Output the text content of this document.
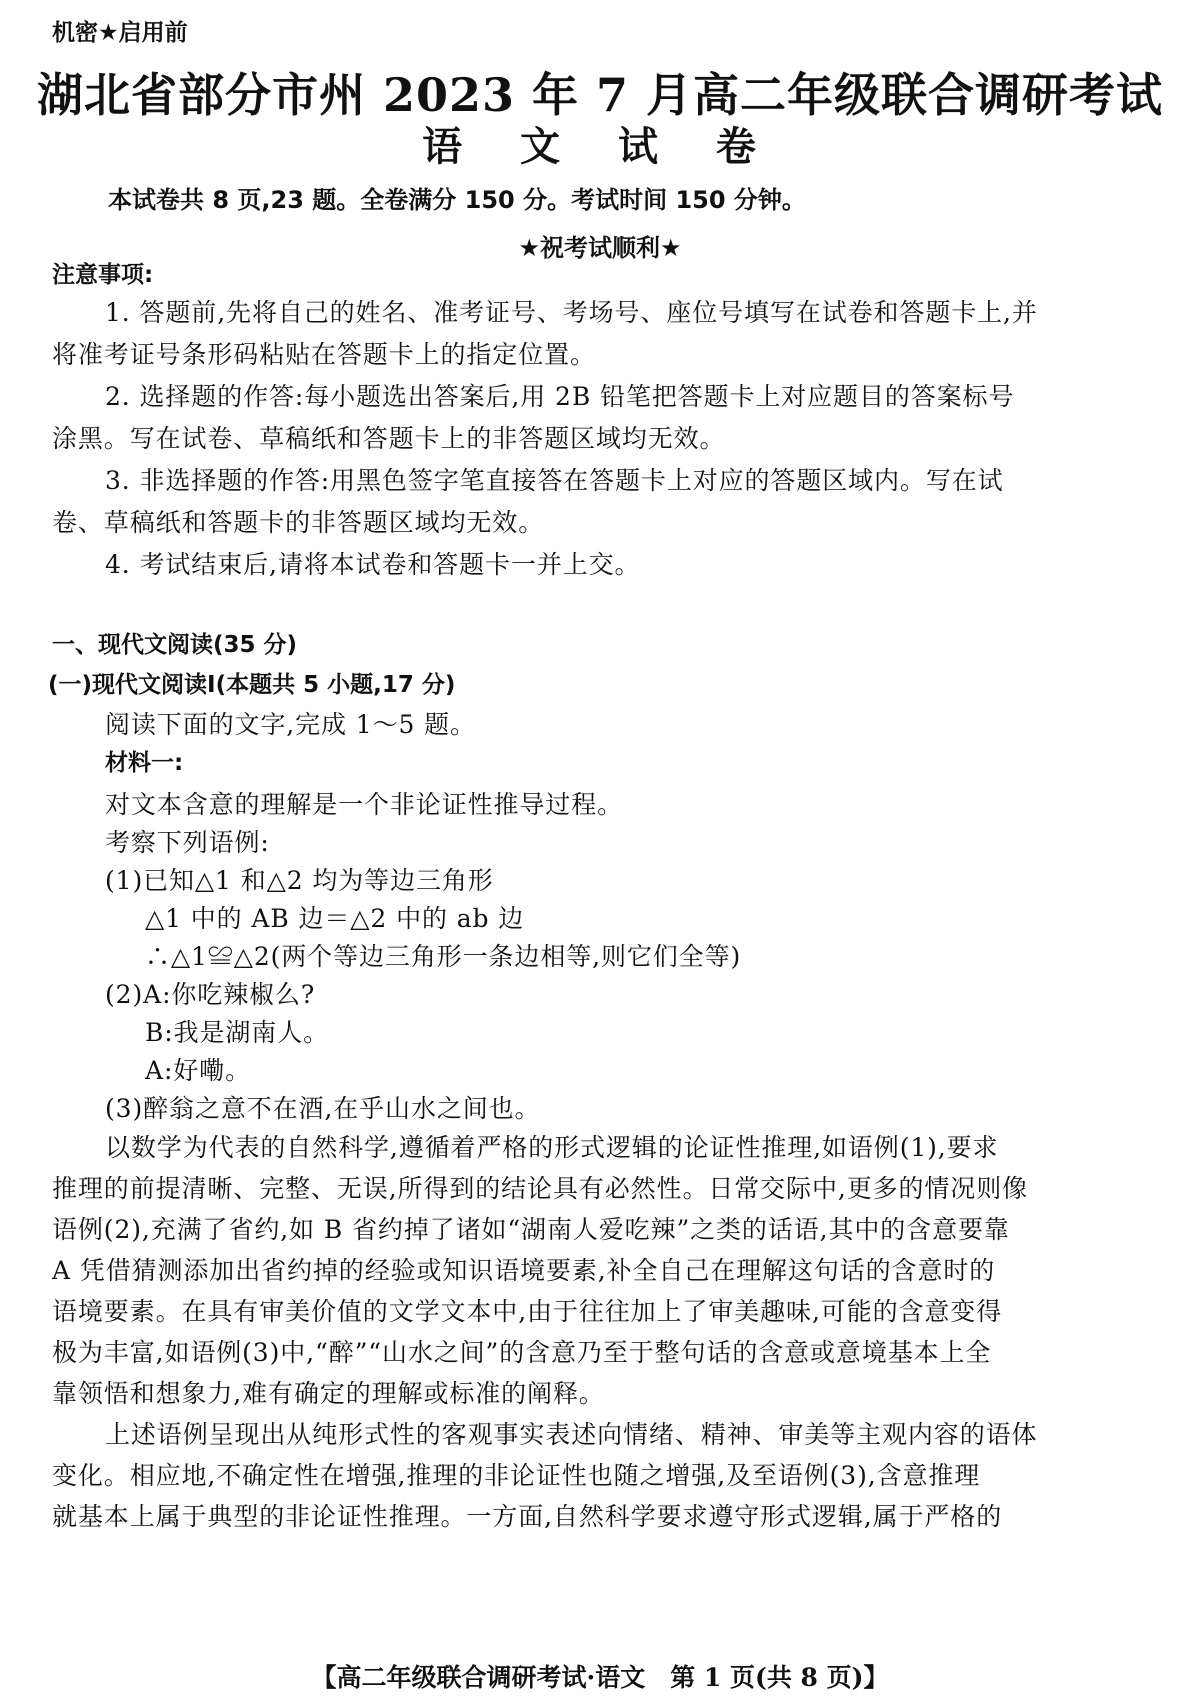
机密★启用前
湖北省部分市州 2023 年 7 月高二年级联合调研考试
语 文 试 卷
本试卷共 8 页,23 题。全卷满分 150 分。考试时间 150 分钟。
★祝考试顺利★
注意事项:
1. 答题前,先将自己的姓名、准考证号、考场号、座位号填写在试卷和答题卡上,并
将准考证号条形码粘贴在答题卡上的指定位置。
2. 选择题的作答:每小题选出答案后,用 2B 铅笔把答题卡上对应题目的答案标号
涂黑。写在试卷、草稿纸和答题卡上的非答题区域均无效。
3. 非选择题的作答:用黑色签字笔直接答在答题卡上对应的答题区域内。写在试
卷、草稿纸和答题卡的非答题区域均无效。
4. 考试结束后,请将本试卷和答题卡一并上交。
一、现代文阅读(35 分)
(一)现代文阅读Ⅰ(本题共 5 小题,17 分)
阅读下面的文字,完成 1～5 题。
材料一:
对文本含意的理解是一个非论证性推导过程。
考察下列语例:
(1)已知△1 和△2 均为等边三角形
△1 中的 AB 边＝△2 中的 ab 边
∴△1≌△2(两个等边三角形一条边相等,则它们全等)
(2)A:你吃辣椒么?
B:我是湖南人。
A:好嘞。
(3)醉翁之意不在酒,在乎山水之间也。
以数学为代表的自然科学,遵循着严格的形式逻辑的论证性推理,如语例(1),要求
推理的前提清晰、完整、无误,所得到的结论具有必然性。日常交际中,更多的情况则像
语例(2),充满了省约,如 B 省约掉了诸如“湖南人爱吃辣”之类的话语,其中的含意要靠
A 凭借猜测添加出省约掉的经验或知识语境要素,补全自己在理解这句话的含意时的
语境要素。在具有审美价值的文学文本中,由于往往加上了审美趣味,可能的含意变得
极为丰富,如语例(3)中,“醉”“山水之间”的含意乃至于整句话的含意或意境基本上全
靠领悟和想象力,难有确定的理解或标准的阐释。
上述语例呈现出从纯形式性的客观事实表述向情绪、精神、审美等主观内容的语体
变化。相应地,不确定性在增强,推理的非论证性也随之增强,及至语例(3),含意推理
就基本上属于典型的非论证性推理。一方面,自然科学要求遵守形式逻辑,属于严格的
【高二年级联合调研考试·语文　第 1 页(共 8 页)】
